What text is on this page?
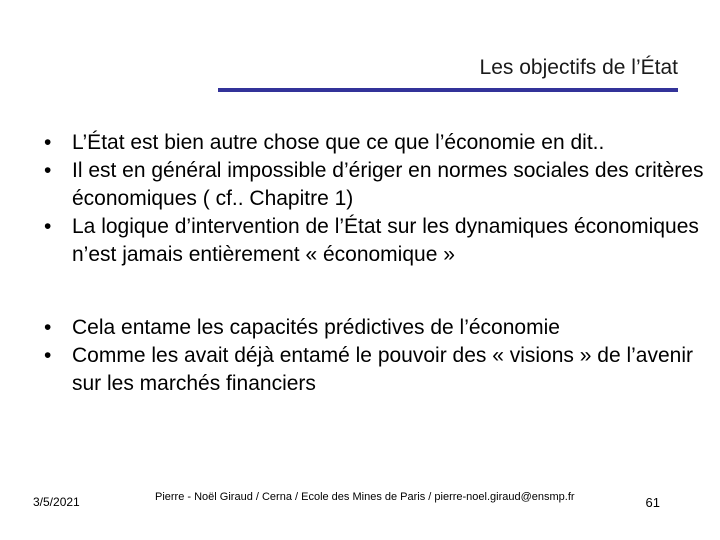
Les objectifs de l’État
• L’État est bien autre chose que ce que l’économie en dit..
• Il est en général impossible d’ériger en normes sociales des critères économiques ( cf.. Chapitre 1)
• La logique d’intervention de l’État sur les dynamiques économiques n’est jamais entièrement « économique »
• Cela entame les capacités prédictives de l’économie
• Comme les avait déjà entamé le pouvoir des « visions » de l’avenir sur les marchés financiers
3/5/2021	Pierre - Noël Giraud / Cerna / Ecole des Mines de Paris / pierre-noel.giraud@ensmp.fr	61
